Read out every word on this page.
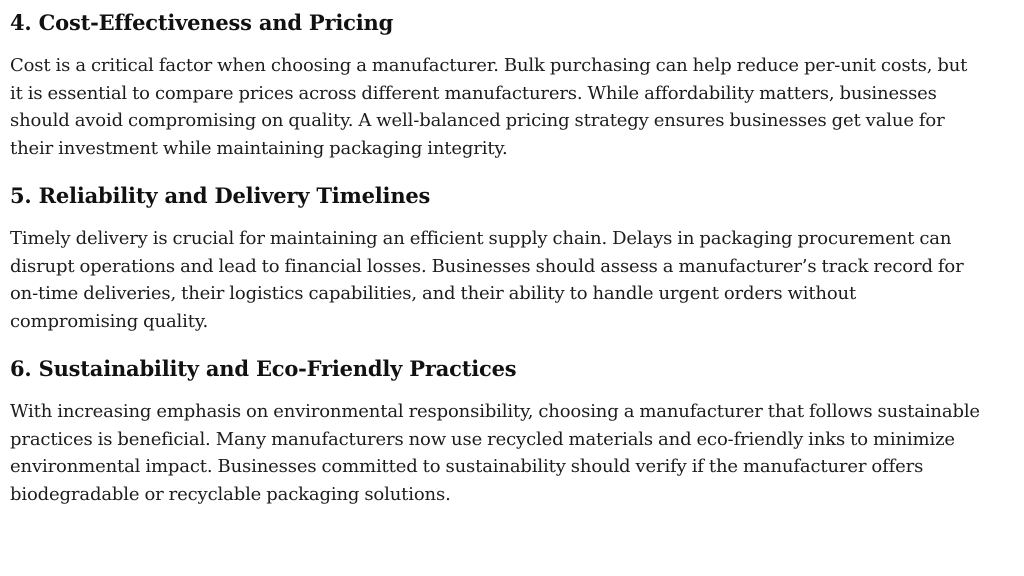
4. Cost-Effectiveness and Pricing

Cost is a critical factor when choosing a manufacturer. Bulk purchasing can help reduce per-unit costs, but it is essential to compare prices across different manufacturers. While affordability matters, businesses should avoid compromising on quality. A well-balanced pricing strategy ensures businesses get value for their investment while maintaining packaging integrity.

5. Reliability and Delivery Timelines

Timely delivery is crucial for maintaining an efficient supply chain. Delays in packaging procurement can disrupt operations and lead to financial losses. Businesses should assess a manufacturer’s track record for on-time deliveries, their logistics capabilities, and their ability to handle urgent orders without compromising quality.

6. Sustainability and Eco-Friendly Practices

With increasing emphasis on environmental responsibility, choosing a manufacturer that follows sustainable practices is beneficial. Many manufacturers now use recycled materials and eco-friendly inks to minimize environmental impact. Businesses committed to sustainability should verify if the manufacturer offers biodegradable or recyclable packaging solutions.
